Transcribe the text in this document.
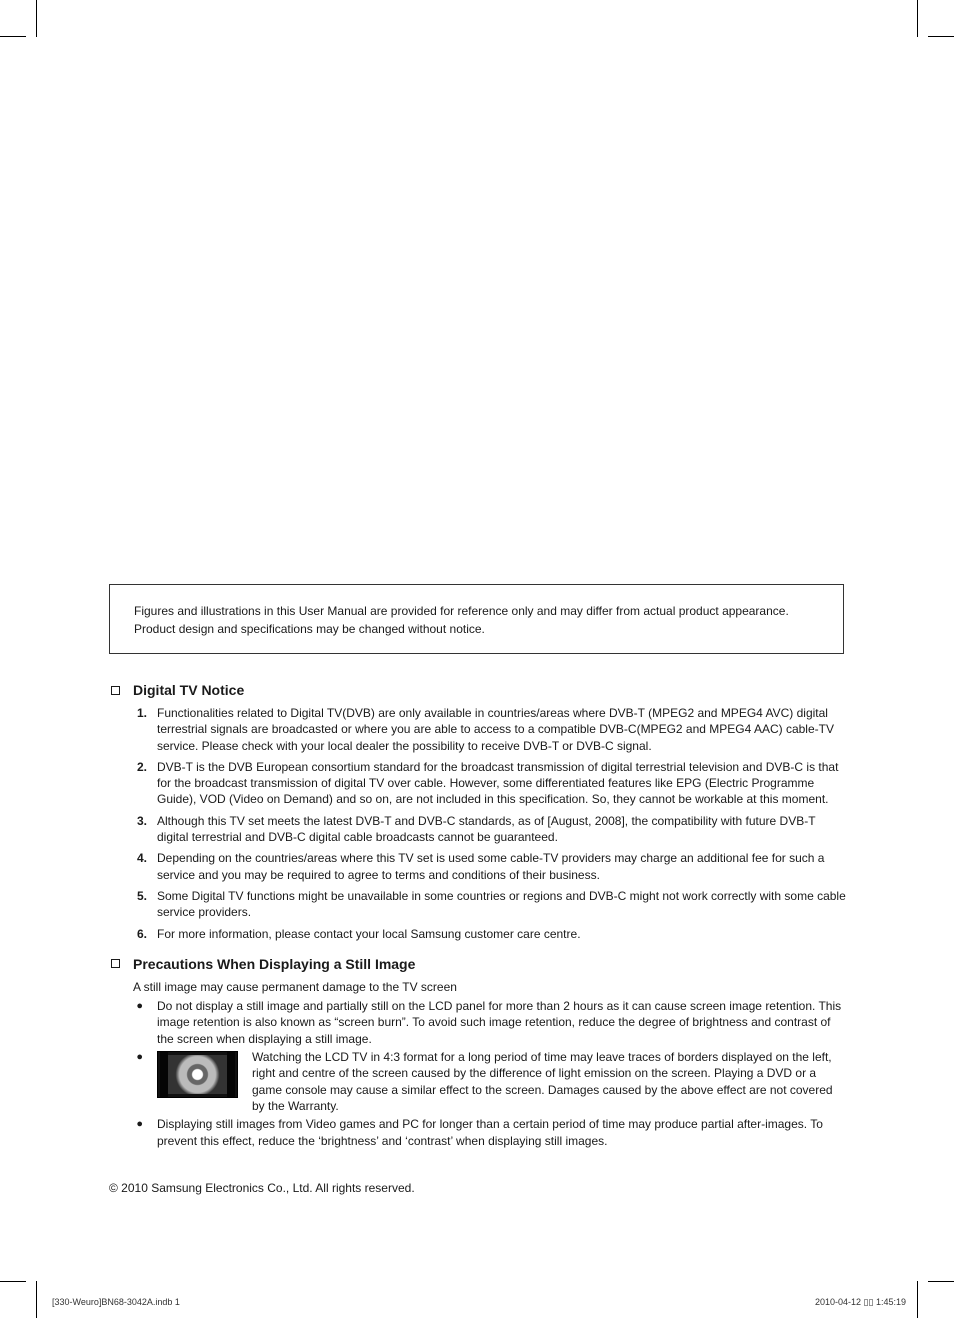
Figures and illustrations in this User Manual are provided for reference only and may differ from actual product appearance.

Product design and specifications may be changed without notice.

Digital TV Notice
1. Functionalities related to Digital TV(DVB) are only available in countries/areas where DVB-T (MPEG2 and MPEG4 AVC) digital terrestrial signals are broadcasted or where you are able to access to a compatible DVB-C(MPEG2 and MPEG4 AAC) cable-TV service. Please check with your local dealer the possibility to receive DVB-T or DVB-C signal.
2. DVB-T is the DVB European consortium standard for the broadcast transmission of digital terrestrial television and DVB-C is that for the broadcast transmission of digital TV over cable. However, some differentiated features like EPG (Electric Programme Guide), VOD (Video on Demand) and so on, are not included in this specification. So, they cannot be workable at this moment.
3. Although this TV set meets the latest DVB-T and DVB-C standards, as of [August, 2008], the compatibility with future DVB-T digital terrestrial and DVB-C digital cable broadcasts cannot be guaranteed.
4. Depending on the countries/areas where this TV set is used some cable-TV providers may charge an additional fee for such a service and you may be required to agree to terms and conditions of their business.
5. Some Digital TV functions might be unavailable in some countries or regions and DVB-C might not work correctly with some cable service providers.
6. For more information, please contact your local Samsung customer care centre.
Precautions When Displaying a Still Image

A still image may cause permanent damage to the TV screen

●	Do not display a still image and partially still on the LCD panel for more than 2 hours as it can cause screen image retention. This image retention is also known as “screen burn”. To avoid such image retention, reduce the degree of brightness and contrast of the screen when displaying a still image.
●	Watching the LCD TV in 4:3 format for a long period of time may leave traces of borders displayed on the left, right and centre of the screen caused by the difference of light emission on the screen. Playing a DVD or a game console may cause a similar effect to the screen. Damages caused by the above effect are not covered by the Warranty.
●	Displaying still images from Video games and PC for longer than a certain period of time may produce partial after-images. To prevent this effect, reduce the ‘brightness’ and ‘contrast’ when displaying still images.
© 2010 Samsung Electronics Co., Ltd. All rights reserved.
[330-Weuro]BN68-3042A.indb 1	2010-04-12 ▯▯ 1:45:19
